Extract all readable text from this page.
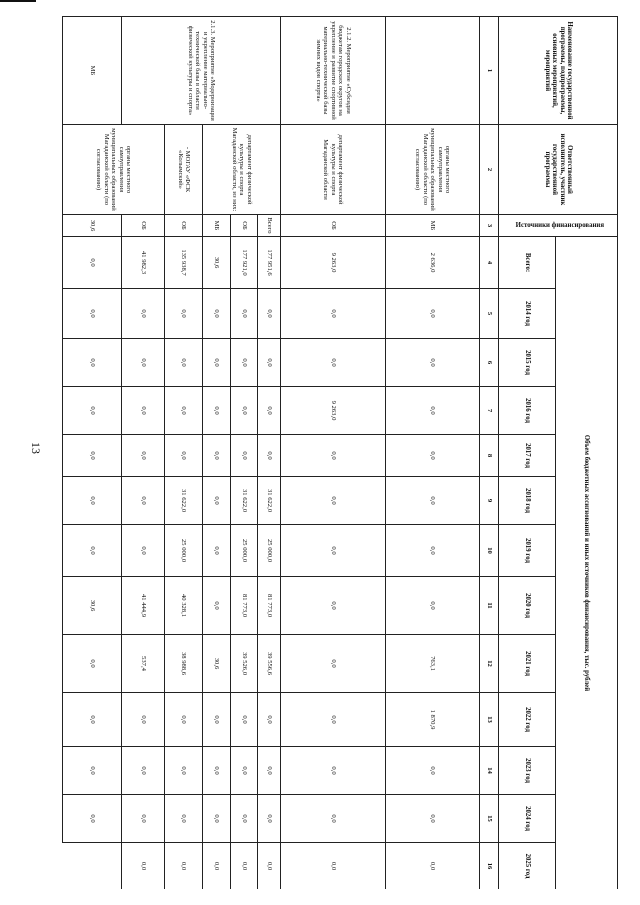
13
Наименование государственной программы, подпрограммы, основных мероприятий, мероприятий	Ответственный исполнитель, участник государственной программы	Источники финансирования	Объем бюджетных ассигнований и иных источников финансирования, тыс. рублей												
			Всего:	2014 год	2015 год	2016 год	2017 год	2018 год	2019 год	2020 год	2021 год	2022 год	2023 год	2024 год	2025 год
1	2	3	4	5	6	7	8	9	10	11	12	13	14	15	16
	органы местного самоуправления муниципальных образований Магаданской области (по согласованию)	МБ	2 636,0	0,0	0,0	0,0	0,0	0,0	0,0	0,0	763,1	1 870,9	0,0	0,0	0,0
2.1.2. Мероприятие «Субсидия бюджетам городских округов на укрепление и развитие спортивной материально-технической базы зимних видов спорта»	департамент физической культуры и спорта Магаданской области	ОБ	9 263,0	0,0	0,0	9 263,0	0,0	0,0	0,0	0,0	0,0	0,0	0,0	0,0	0,0
2.1.3. Мероприятие «Модернизация и укрепление материально-технической базы в области физической культуры и спорта»	департамент физической культуры и спорта Магаданской области, из них:	Всего	177 951,6	0,0	0,0	0,0	0,0	31 622,0	25 000,0	81 773,0	39 556,6	0,0	0,0	0,0	0,0
		ОБ	177 921,0	0,0	0,0	0,0	0,0	31 622,0	25 000,0	81 773,0	39 526,0	0,0	0,0	0,0	0,0
		МБ	30,6	0,0	0,0	0,0	0,0	0,0	0,0	0,0	30,6	0,0	0,0	0,0	0,0
	- МОГАУ «ФСК «Колымский»	ОБ	135 938,7	0,0	0,0	0,0	0,0	31 622,0	25 000,0	40 328,1	38 988,6	0,0	0,0	0,0	0,0
	органы местного самоуправления муниципальных образований Магаданской области (по согласованию)	ОБ	41 982,3	0,0	0,0	0,0	0,0	0,0	0,0	41 444,9	537,4	0,0	0,0	0,0	0,0
МБ		30,6	0,0	0,0	0,0	0,0	0,0	0,0	0,0	30,6	0,0	0,0	0,0	0,0	
